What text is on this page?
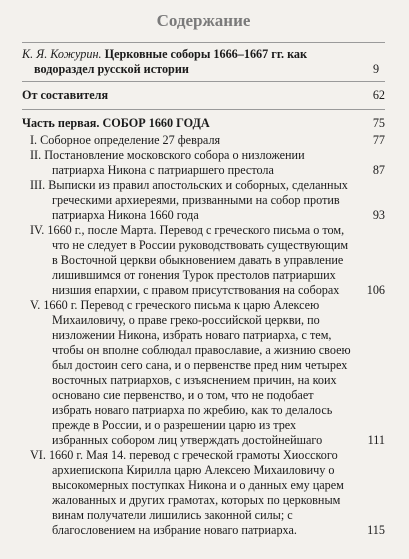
Содержание
К. Я. Кожурин. Церковные соборы 1666–1667 гг. как водораздел русской истории	9
От составителя	62
Часть первая. СОБОР 1660 ГОДА	75
I. Соборное определение 27 февраля	77
II. Постановление московского собора о низложении патриарха Никона с патриаршего престола	87
III. Выписки из правил апостольских и соборных, сделанных греческими архиереями, призванными на собор против патриарха Никона 1660 года	93
IV. 1660 г., после Марта. Перевод с греческого письма о том, что не следует в России руководствовать существующим в Восточной церкви обыкновением давать в управление лишившимся от гонения Турок престолов патриарших низшия епархии, с правом присутствования на соборах	106
V. 1660 г. Перевод с греческого письма к царю Алексею Михаиловичу, о праве греко-российской церкви, по низложении Никона, избрать новаго патриарха, с тем, чтобы он вполне соблюдал православие, а жизнию своею был достоин сего сана, и о первенстве пред ним четырех восточных патриархов, с изъяснением причин, на коих основано сие первенство, и о том, что не подобает избрать новаго патриарха по жребию, как то делалось прежде в России, и о разрешении царю из трех избранных собором лиц утверждать достойнейшаго	111
VI. 1660 г. Мая 14. перевод с греческой грамоты Хиосского архиепископа Кирилла царю Алексею Михаиловичу о высокомерных поступках Никона и о данных ему царем жалованных и других грамотах, которых по церковным винам получатели лишились законной силы; с благословением на избрание новаго патриарха.	115
